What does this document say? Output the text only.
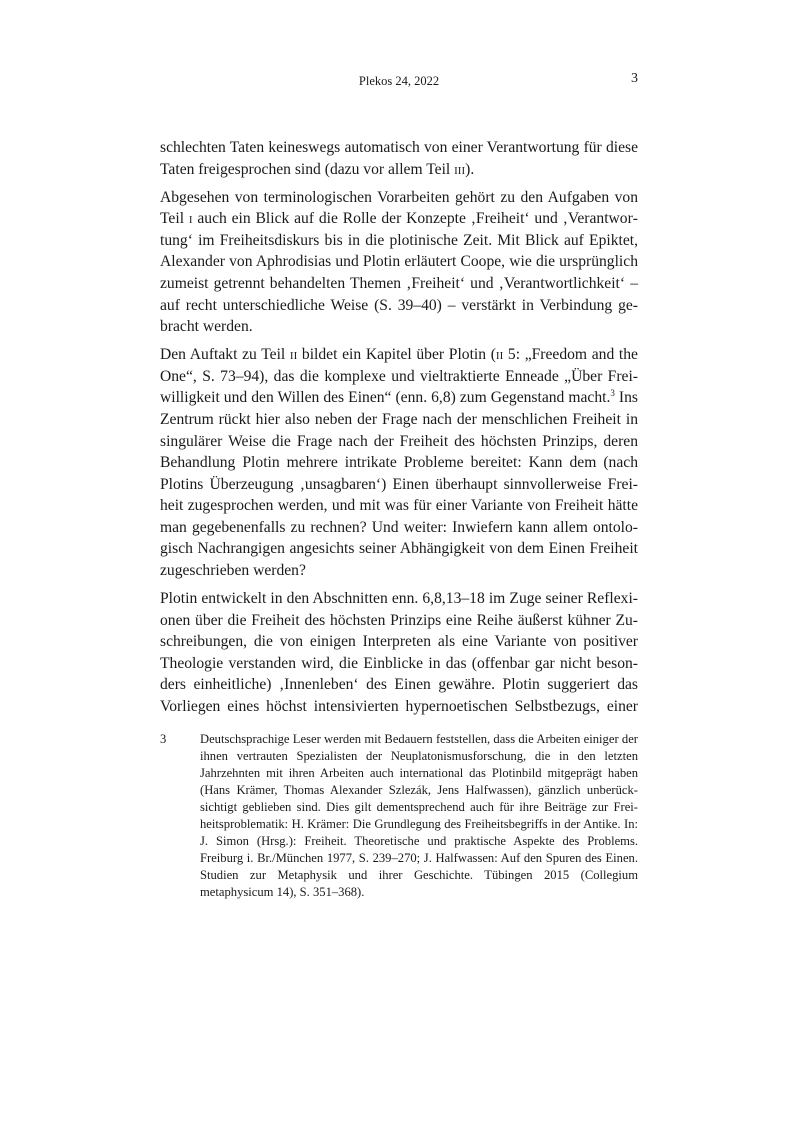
Plekos 24, 2022	3

schlechten Taten keineswegs automatisch von einer Verantwortung für diese Taten freigesprochen sind (dazu vor allem Teil iii).

Abgesehen von terminologischen Vorarbeiten gehört zu den Aufgaben von Teil i auch ein Blick auf die Rolle der Konzepte ‚Freiheit‘ und ‚Verantwortung‘ im Freiheitsdiskurs bis in die plotinische Zeit. Mit Blick auf Epiktet, Alexander von Aphrodisias und Plotin erläutert Coope, wie die ursprünglich zumeist getrennt behandelten Themen ‚Freiheit‘ und ‚Verantwortlichkeit‘ – auf recht unterschiedliche Weise (S. 39–40) – verstärkt in Verbindung gebracht werden.

Den Auftakt zu Teil ii bildet ein Kapitel über Plotin (ii 5: „Freedom and the One“, S. 73–94), das die komplexe und vieltraktierte Enneade „Über Freiwilligkeit und den Willen des Einen“ (enn. 6,8) zum Gegenstand macht.$^3$ Ins Zentrum rückt hier also neben der Frage nach der menschlichen Freiheit in singulärer Weise die Frage nach der Freiheit des höchsten Prinzips, deren Behandlung Plotin mehrere intrikate Probleme bereitet: Kann dem (nach Plotins Überzeugung ‚unsagbaren‘) Einen überhaupt sinnvollerweise Freiheit zugesprochen werden, und mit was für einer Variante von Freiheit hätte man gegebenenfalls zu rechnen? Und weiter: Inwiefern kann allem ontologisch Nachrangigen angesichts seiner Abhängigkeit von dem Einen Freiheit zugeschrieben werden?

Plotin entwickelt in den Abschnitten enn. 6,8,13–18 im Zuge seiner Reflexionen über die Freiheit des höchsten Prinzips eine Reihe äußerst kühner Zuschreibungen, die von einigen Interpreten als eine Variante von positiver Theologie verstanden wird, die Einblicke in das (offenbar gar nicht besonders einheitliche) ‚Innenleben‘ des Einen gewähre. Plotin suggeriert das Vorliegen eines höchst intensivierten hypernoetischen Selbstbezugs, einer

3	Deutschsprachige Leser werden mit Bedauern feststellen, dass die Arbeiten einiger der ihnen vertrauten Spezialisten der Neuplatonismusforschung, die in den letzten Jahrzehnten mit ihren Arbeiten auch international das Plotinbild mitgeprägt haben (Hans Krämer, Thomas Alexander Szlezák, Jens Halfwassen), gänzlich unberücksichtigt geblieben sind. Dies gilt dementsprechend auch für ihre Beiträge zur Freiheitsproblematik: H. Krämer: Die Grundlegung des Freiheitsbegriffs in der Antike. In: J. Simon (Hrsg.): Freiheit. Theoretische und praktische Aspekte des Problems. Freiburg i. Br./München 1977, S. 239–270; J. Halfwassen: Auf den Spuren des Einen. Studien zur Metaphysik und ihrer Geschichte. Tübingen 2015 (Collegium metaphysicum 14), S. 351–368).
